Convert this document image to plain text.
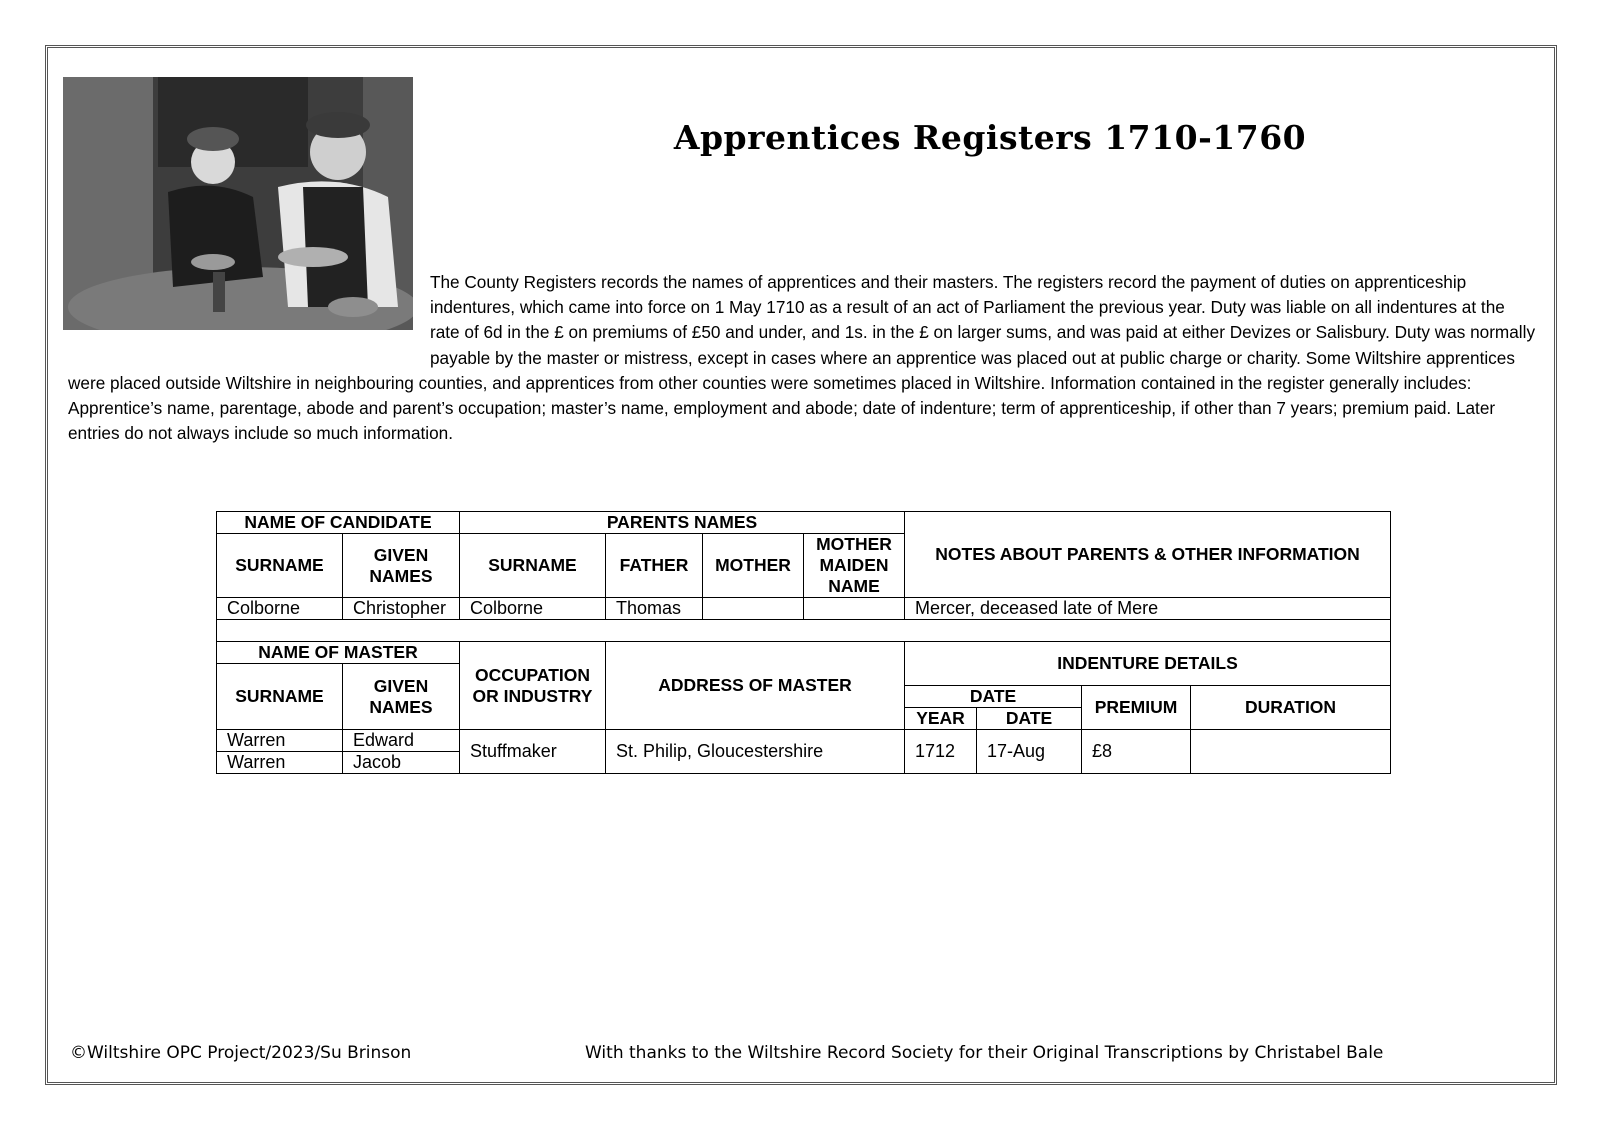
Apprentices Registers 1710-1760
The County Registers records the names of apprentices and their masters. The registers record the payment of duties on apprenticeship indentures, which came into force on 1 May 1710 as a result of an act of Parliament the previous year. Duty was liable on all indentures at the rate of 6d in the £ on premiums of £50 and under, and 1s. in the £ on larger sums, and was paid at either Devizes or Salisbury. Duty was normally payable by the master or mistress, except in cases where an apprentice was placed out at public charge or charity. Some Wiltshire apprentices were placed outside Wiltshire in neighbouring counties, and apprentices from other counties were sometimes placed in Wiltshire. Information contained in the register generally includes: Apprentice’s name, parentage, abode and parent’s occupation; master’s name, employment and abode; date of indenture; term of apprenticeship, if other than 7 years; premium paid. Later entries do not always include so much information.
NAME OF CANDIDATE		PARENTS NAMES				NOTES ABOUT PARENTS & OTHER INFORMATION			
SURNAME	GIVEN NAMES	SURNAME	FATHER	MOTHER	MOTHER MAIDEN NAME				
Colborne	Christopher	Colborne	Thomas			Mercer, deceased late of Mere			

NAME OF MASTER		OCCUPATION OR INDUSTRY	ADDRESS OF MASTER			INDENTURE DETAILS			
SURNAME	GIVEN NAMES								
						DATE		PREMIUM	DURATION
						YEAR	DATE		
Warren	Edward	Stuffmaker	St. Philip, Gloucestershire			1712	17-Aug	£8	
Warren	Jacob								
©Wiltshire OPC Project/2023/Su Brinson	With thanks to the Wiltshire Record Society for their Original Transcriptions by Christabel Bale
